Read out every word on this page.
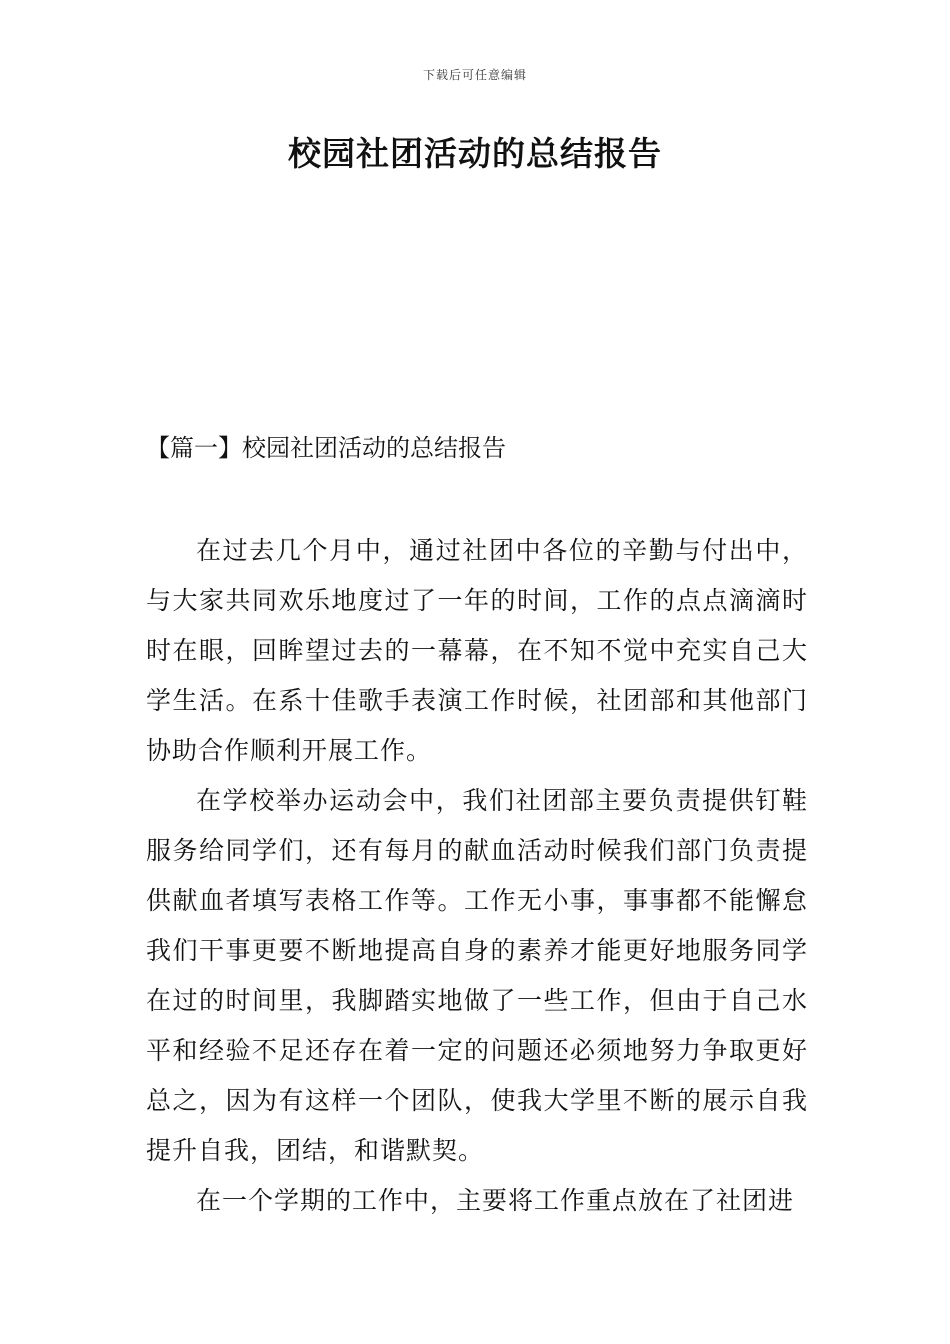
下载后可任意编辑
校园社团活动的总结报告
【篇一】校园社团活动的总结报告

在过去几个月中，通过社团中各位的辛勤与付出中，与大家共同欢乐地度过了一年的时间，工作的点点滴滴时时在眼，回眸望过去的一幕幕，在不知不觉中充实自己大学生活。在系十佳歌手表演工作时候，社团部和其他部门协助合作顺利开展工作。

在学校举办运动会中，我们社团部主要负责提供钉鞋服务给同学们，还有每月的献血活动时候我们部门负责提供献血者填写表格工作等。工作无小事，事事都不能懈怠我们干事更要不断地提高自身的素养才能更好地服务同学在过的时间里，我脚踏实地做了一些工作，但由于自己水平和经验不足还存在着一定的问题还必须地努力争取更好总之，因为有这样一个团队，使我大学里不断的展示自我提升自我，团结，和谐默契。

在一个学期的工作中，主要将工作重点放在了社团进
